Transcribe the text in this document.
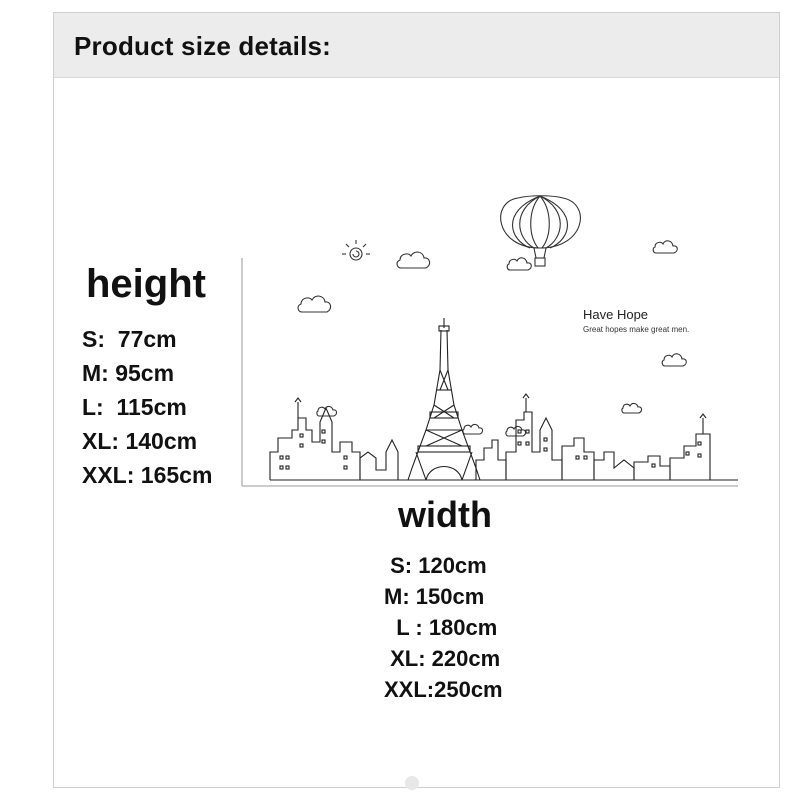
Product size details:
height
S:  77cm
M: 95cm
L:  115cm
XL: 140cm
XXL: 165cm
Have Hope
Great hopes make great men.
width
S: 120cm
M: 150cm
L : 180cm
XL: 220cm
XXL:250cm
